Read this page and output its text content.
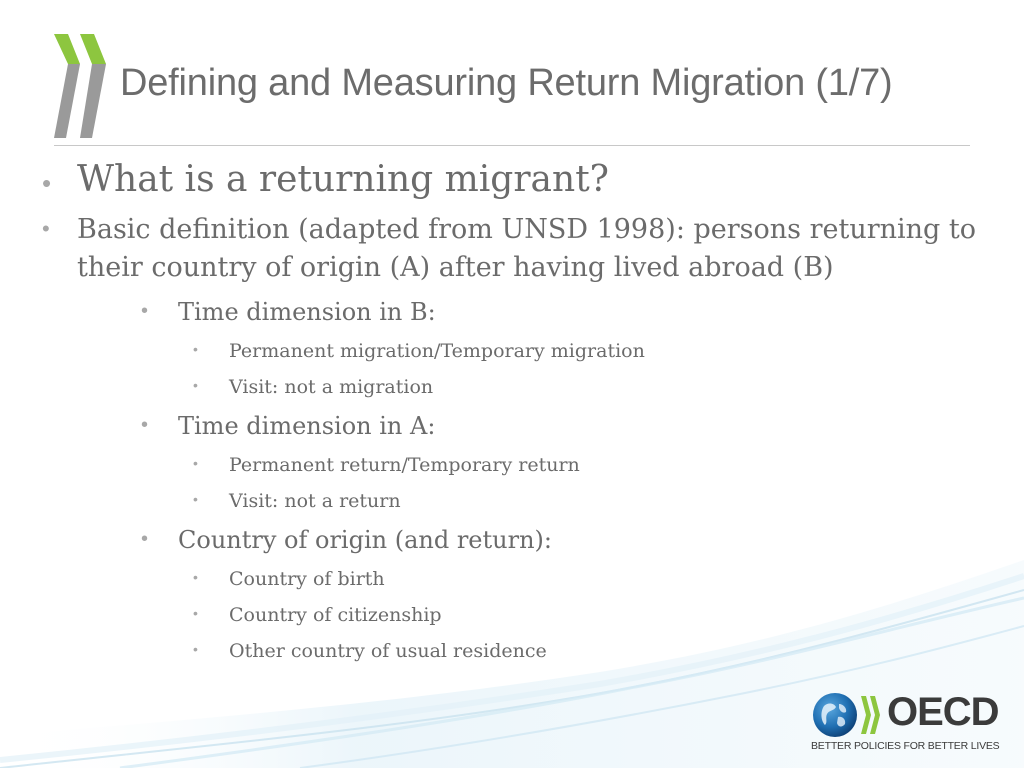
Defining and Measuring Return Migration (1/7)
• What is a returning migrant?
• Basic definition (adapted from UNSD 1998): persons returning to their country of origin (A) after having lived abroad (B)
• Time dimension in B:
• Permanent migration/Temporary migration
• Visit: not a migration
• Time dimension in A:
• Permanent return/Temporary return
• Visit: not a return
• Country of origin (and return):
• Country of birth
• Country of citizenship
• Other country of usual residence
OECD
BETTER POLICIES FOR BETTER LIVES
